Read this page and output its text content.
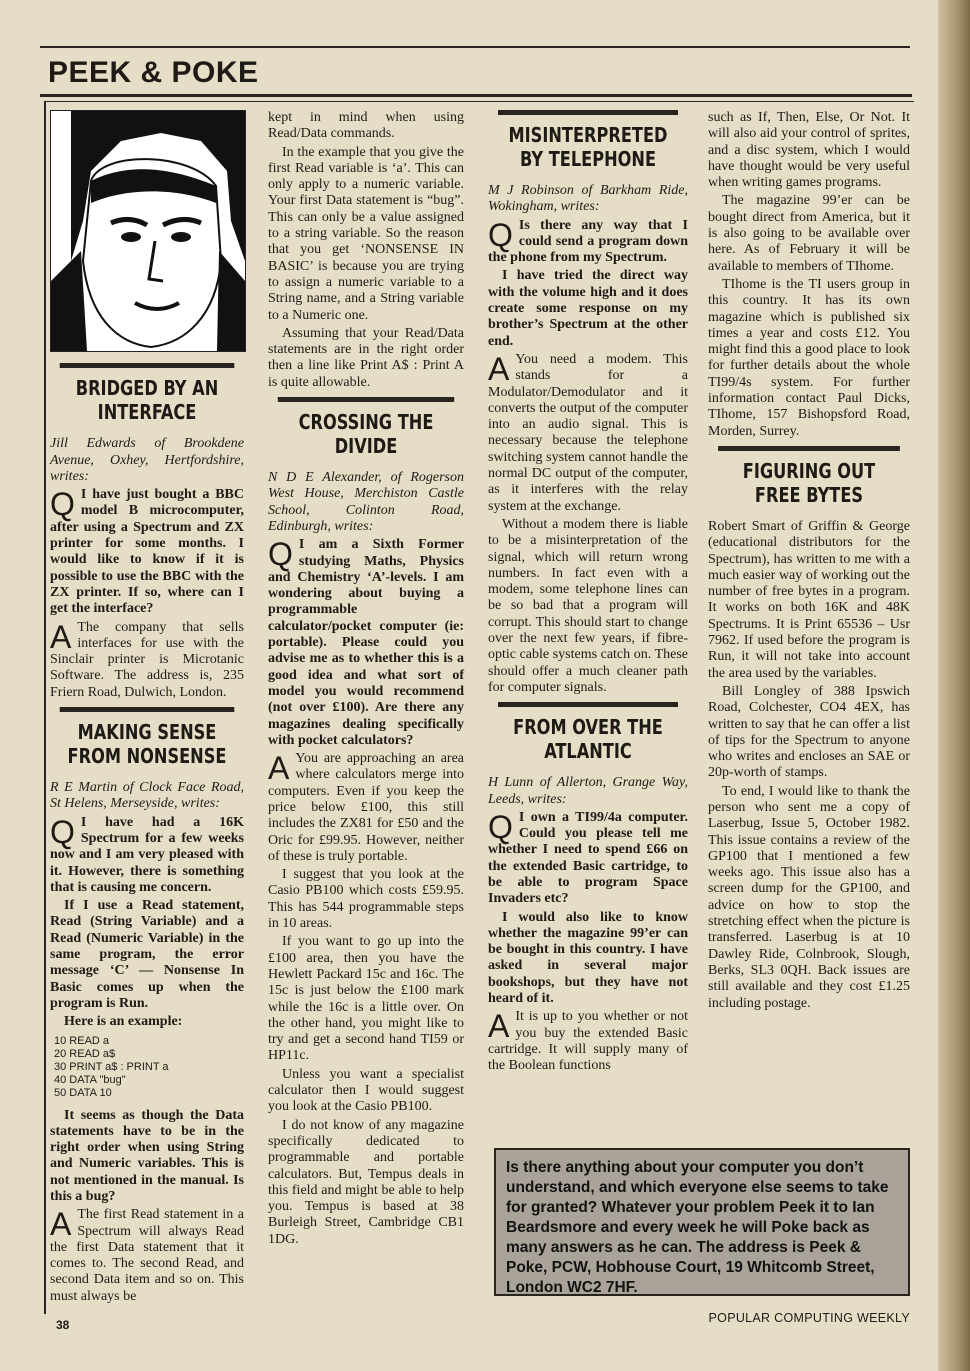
PEEK & POKE
BRIDGED BY AN INTERFACE

Jill Edwards of Brookdene Avenue, Oxhey, Hertfordshire, writes:

Q I have just bought a BBC model B microcomputer, after using a Spectrum and ZX printer for some months. I would like to know if it is possible to use the BBC with the ZX printer. If so, where can I get the interface?

A The company that sells interfaces for use with the Sinclair printer is Microtanic Software. The address is, 235 Friern Road, Dulwich, London.

MAKING SENSE FROM NONSENSE

R E Martin of Clock Face Road, St Helens, Merseyside, writes:

Q I have had a 16K Spectrum for a few weeks now and I am very pleased with it. However, there is something that is causing me concern.

If I use a Read statement, Read (String Variable) and a Read (Numeric Variable) in the same program, the error message ‘C’ — Nonsense In Basic comes up when the program is Run.

Here is an example:

10 READ a
20 READ a$
30 PRINT a$ : PRINT a
40 DATA "bug"
50 DATA 10

It seems as though the Data statements have to be in the right order when using String and Numeric variables. This is not mentioned in the manual. Is this a bug?

A The first Read statement in a Spectrum will always Read the first Data statement that it comes to. The second Read, and second Data item and so on. This must always be

kept in mind when using Read/Data commands.

In the example that you give the first Read variable is ‘a’. This can only apply to a numeric variable. Your first Data statement is “bug”. This can only be a value assigned to a string variable. So the reason that you get ‘NONSENSE IN BASIC’ is because you are trying to assign a numeric variable to a String name, and a String variable to a Numeric one.

Assuming that your Read/Data statements are in the right order then a line like Print A$ : Print A is quite allowable.

CROSSING THE DIVIDE

N D E Alexander, of Rogerson West House, Merchiston Castle School, Colinton Road, Edinburgh, writes:

Q I am a Sixth Former studying Maths, Physics and Chemistry ‘A’-levels. I am wondering about buying a programmable calculator/pocket computer (ie: portable). Please could you advise me as to whether this is a good idea and what sort of model you would recommend (not over £100). Are there any magazines dealing specifically with pocket calculators?

A You are approaching an area where calculators merge into computers. Even if you keep the price below £100, this still includes the ZX81 for £50 and the Oric for £99.95. However, neither of these is truly portable.

I suggest that you look at the Casio PB100 which costs £59.95. This has 544 programmable steps in 10 areas.

If you want to go up into the £100 area, then you have the Hewlett Packard 15c and 16c. The 15c is just below the £100 mark while the 16c is a little over. On the other hand, you might like to try and get a second hand TI59 or HP11c.

Unless you want a specialist calculator then I would suggest you look at the Casio PB100.

I do not know of any magazine specifically dedicated to programmable and portable calculators. But, Tempus deals in this field and might be able to help you. Tempus is based at 38 Burleigh Street, Cambridge CB1 1DG.

MISINTERPRETED BY TELEPHONE

M J Robinson of Barkham Ride, Wokingham, writes:

Q Is there any way that I could send a program down the phone from my Spectrum.

I have tried the direct way with the volume high and it does create some response on my brother’s Spectrum at the other end.

A You need a modem. This stands for a Modulator/Demodulator and it converts the output of the computer into an audio signal. This is necessary because the telephone switching system cannot handle the normal DC output of the computer, as it interferes with the relay system at the exchange.

Without a modem there is liable to be a misinterpretation of the signal, which will return wrong numbers. In fact even with a modem, some telephone lines can be so bad that a program will corrupt. This should start to change over the next few years, if fibre-optic cable systems catch on. These should offer a much cleaner path for computer signals.

FROM OVER THE ATLANTIC

H Lunn of Allerton, Grange Way, Leeds, writes:

Q I own a TI99/4a computer. Could you please tell me whether I need to spend £66 on the extended Basic cartridge, to be able to program Space Invaders etc?

I would also like to know whether the magazine 99’er can be bought in this country. I have asked in several major bookshops, but they have not heard of it.

A It is up to you whether or not you buy the extended Basic cartridge. It will supply many of the Boolean functions

such as If, Then, Else, Or Not. It will also aid your control of sprites, and a disc system, which I would have thought would be very useful when writing games programs.

The magazine 99’er can be bought direct from America, but it is also going to be available over here. As of February it will be available to members of TIhome.

TIhome is the TI users group in this country. It has its own magazine which is published six times a year and costs £12. You might find this a good place to look for further details about the whole TI99/4s system. For further information contact Paul Dicks, TIhome, 157 Bishopsford Road, Morden, Surrey.

FIGURING OUT FREE BYTES

Robert Smart of Griffin & George (educational distributors for the Spectrum), has written to me with a much easier way of working out the number of free bytes in a program. It works on both 16K and 48K Spectrums. It is Print 65536 – Usr 7962. If used before the program is Run, it will not take into account the area used by the variables.

Bill Longley of 388 Ipswich Road, Colchester, CO4 4EX, has written to say that he can offer a list of tips for the Spectrum to anyone who writes and encloses an SAE or 20p-worth of stamps.

To end, I would like to thank the person who sent me a copy of Laserbug, Issue 5, October 1982. This issue contains a review of the GP100 that I mentioned a few weeks ago. This issue also has a screen dump for the GP100, and advice on how to stop the stretching effect when the picture is transferred. Laserbug is at 10 Dawley Ride, Colnbrook, Slough, Berks, SL3 0QH. Back issues are still available and they cost £1.25 including postage.

Is there anything about your computer you don’t understand, and which everyone else seems to take for granted? Whatever your problem Peek it to Ian Beardsmore and every week he will Poke back as many answers as he can. The address is Peek & Poke, PCW, Hobhouse Court, 19 Whitcomb Street, London WC2 7HF.

38	POPULAR COMPUTING WEEKLY
